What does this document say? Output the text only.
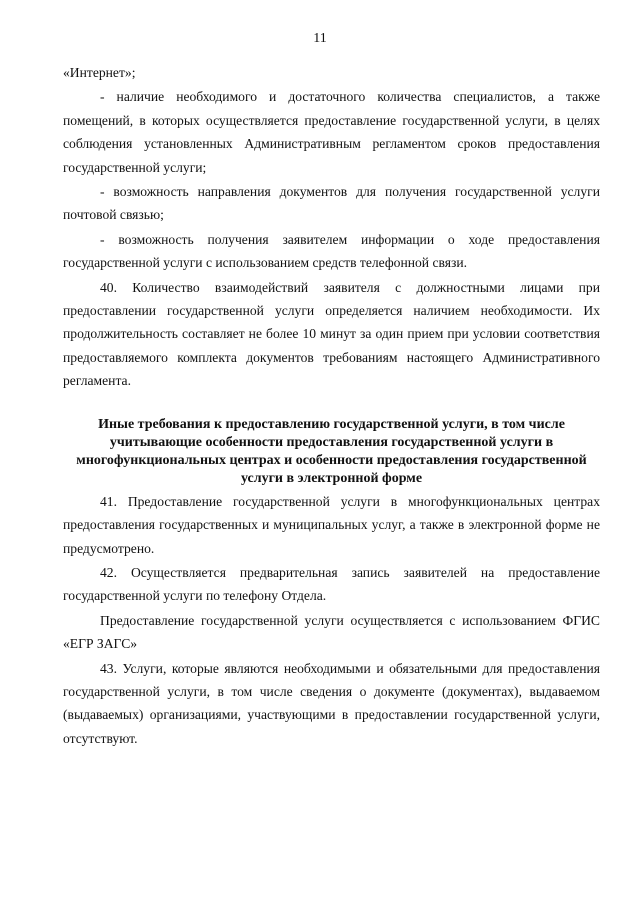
11

«Интернет»;

- наличие необходимого и достаточного количества специалистов, а также помещений, в которых осуществляется предоставление государственной услуги, в целях соблюдения установленных Административным регламентом сроков предоставления государственной услуги;

- возможность направления документов для получения государственной услуги почтовой связью;

- возможность получения заявителем информации о ходе предоставления государственной услуги с использованием средств телефонной связи.

40. Количество взаимодействий заявителя с должностными лицами при предоставлении государственной услуги определяется наличием необходимости. Их продолжительность составляет не более 10 минут за один прием при условии соответствия предоставляемого комплекта документов требованиям настоящего Административного регламента.

Иные требования к предоставлению государственной услуги, в том числе учитывающие особенности предоставления государственной услуги в многофункциональных центрах и особенности предоставления государственной услуги в электронной форме

41. Предоставление государственной услуги в многофункциональных центрах предоставления государственных и муниципальных услуг, а также в электронной форме не предусмотрено.

42. Осуществляется предварительная запись заявителей на предоставление государственной услуги по телефону Отдела.

Предоставление государственной услуги осуществляется с использованием ФГИС «ЕГР ЗАГС»

43. Услуги, которые являются необходимыми и обязательными для предоставления государственной услуги, в том числе сведения о документе (документах), выдаваемом (выдаваемых) организациями, участвующими в предоставлении государственной услуги, отсутствуют.
